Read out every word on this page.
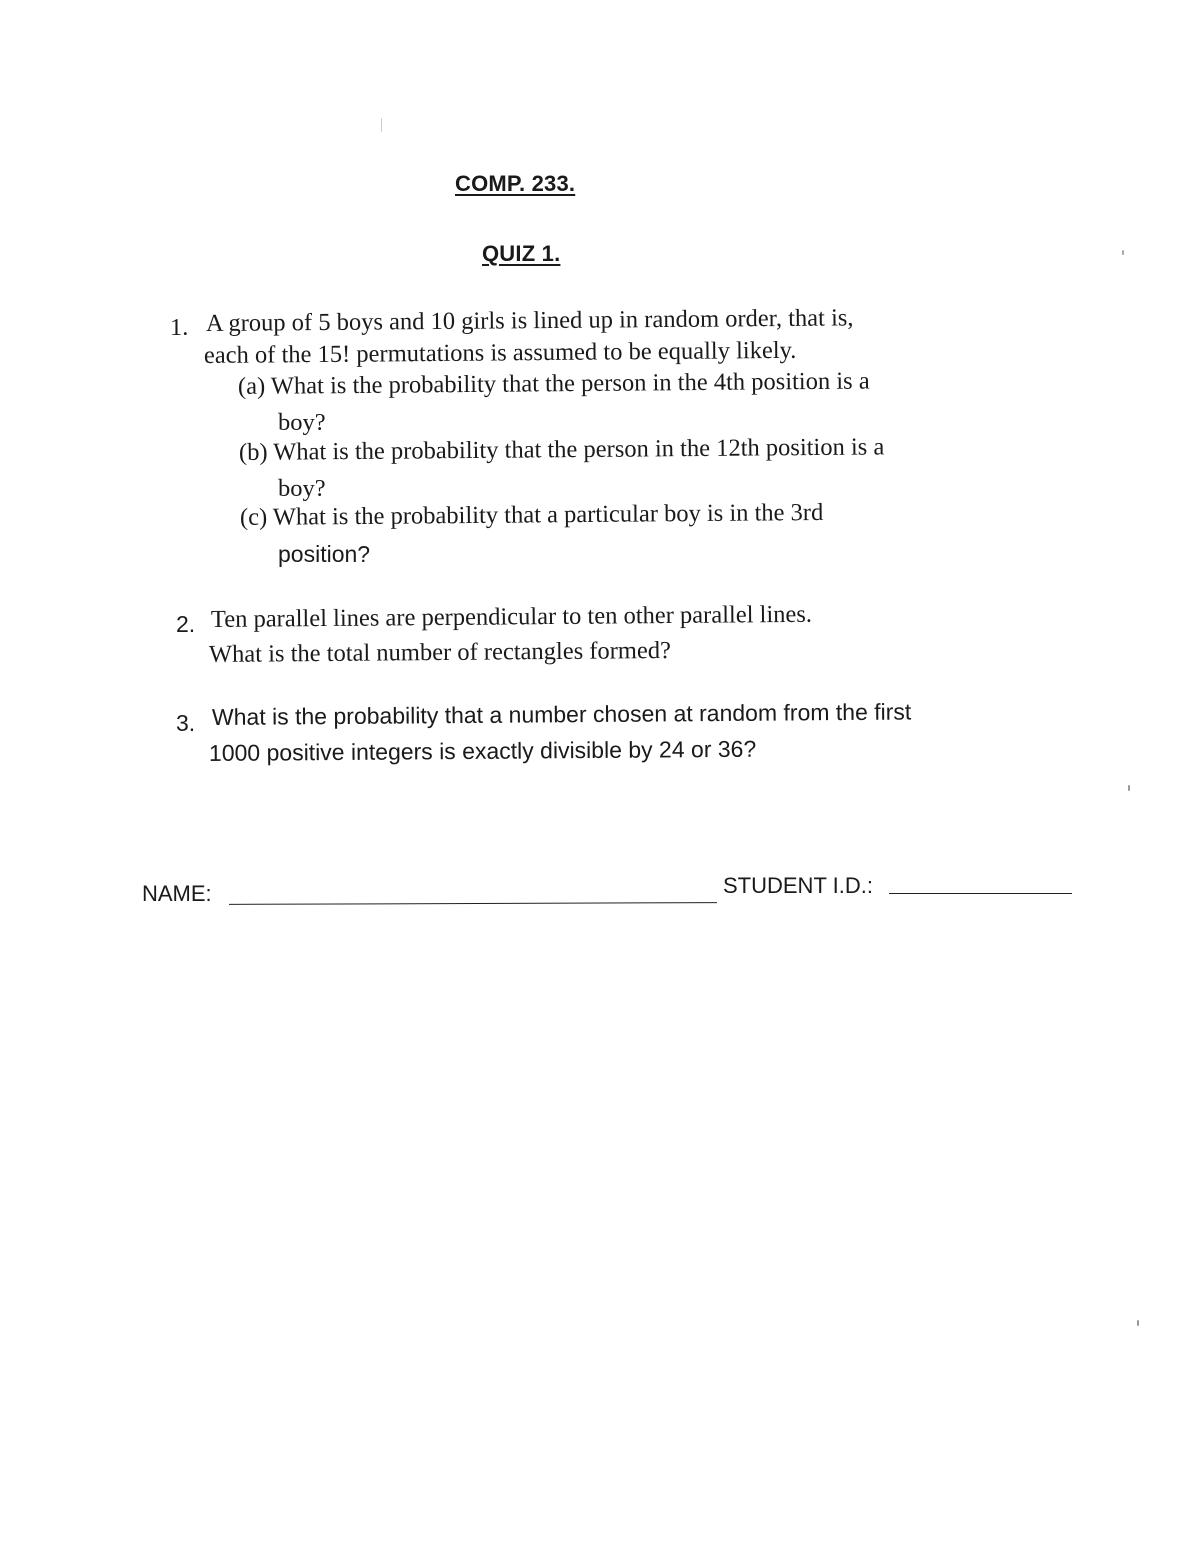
COMP. 233.
QUIZ 1.
1. A group of 5 boys and 10 girls is lined up in random order, that is,
each of the 15! permutations is assumed to be equally likely.
(a) What is the probability that the person in the 4th position is a
boy?
(b) What is the probability that the person in the 12th position is a
boy?
(c) What is the probability that a particular boy is in the 3rd
position?
2. Ten parallel lines are perpendicular to ten other parallel lines.
What is the total number of rectangles formed?
3. What is the probability that a number chosen at random from the first
1000 positive integers is exactly divisible by 24 or 36?
NAME:	STUDENT I.D.:
